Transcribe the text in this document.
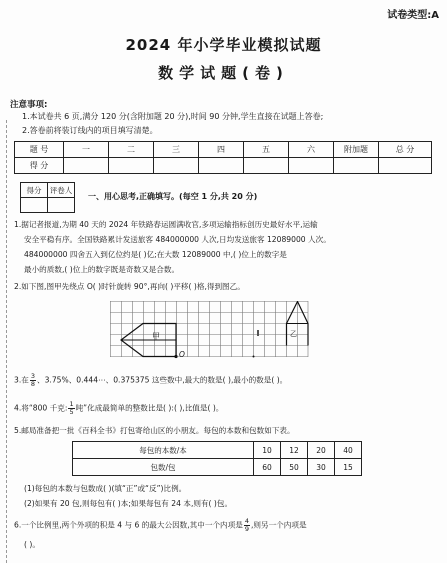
试卷类型:A
2024 年小学毕业模拟试题
数学试题(卷)
注意事项:
1.本试卷共 6 页,满分 120 分(含附加题 20 分),时间 90 分钟,学生直接在试题上答卷;
2.答卷前将装订线内的项目填写清楚。
题 号	一	二	三	四	五	六	附加题	总 分
得 分								
得分	评卷人

一、用心思考,正确填写。(每空 1 分,共 20 分)
1.据记者报道,为期 40 天的 2024 年铁路春运圆满收官,多项运输指标创历史最好水平,运输
安全平稳有序。全国铁路累计发送旅客 484000000 人次,日均发送旅客 12089000 人次。
484000000 四舍五入到亿位约是( )亿;在大数 12089000 中,( )位上的数字是
最小的质数,( )位上的数字既是奇数又是合数。
2.如下图,图甲先绕点 O( )时针旋转 90°,再向( )平移( )格,得到图乙。
甲	乙
O
3.在 $\frac{3}{8}$ 、3.75%、0.444⋯、0.375375 这些数中,最大的数是( ),最小的数是( )。
4.将“800 千克: $\frac{1}{5}$ 吨”化成最简单的整数比是( ):( ),比值是( )。
5.邮局准备把一批《百科全书》打包寄给山区的小朋友。每包的本数和包数如下表。
每包的本数/本	10	12	20	40
包数/包	60	50	30	15
(1)每包的本数与包数成( )(填“正”或“反”)比例。
(2)如果有 20 包,则每包有( )本;如果每包有 24 本,则有( )包。
6.一个比例里,两个外项的积是 4 与 6 的最大公因数,其中一个内项是 $\frac{4}{9}$ ,则另一个内项是
( )。
